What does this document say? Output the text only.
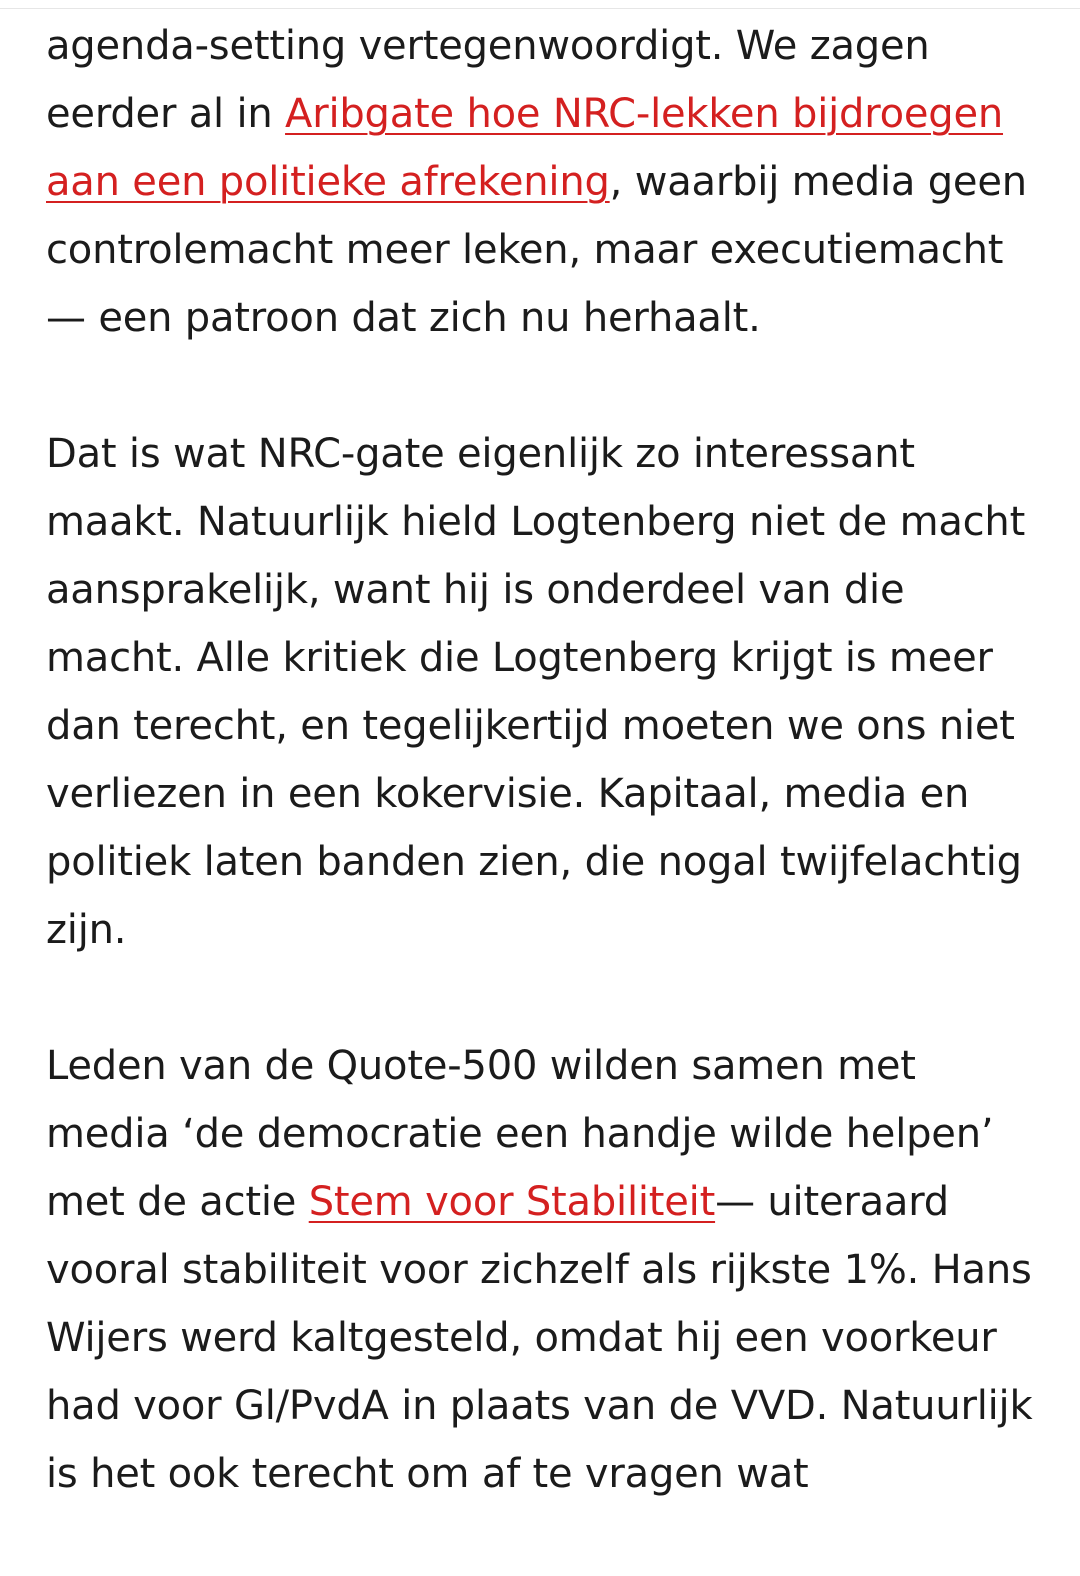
agenda-setting vertegenwoordigt. We zagen eerder al in Aribgate hoe NRC-lekken bijdroegen aan een politieke afrekening, waarbij media geen controlemacht meer leken, maar executiemacht — een patroon dat zich nu herhaalt.

Dat is wat NRC-gate eigenlijk zo interessant maakt. Natuurlijk hield Logtenberg niet de macht aansprakelijk, want hij is onderdeel van die macht. Alle kritiek die Logtenberg krijgt is meer dan terecht, en tegelijkertijd moeten we ons niet verliezen in een kokervisie. Kapitaal, media en politiek laten banden zien, die nogal twijfelachtig zijn.

Leden van de Quote-500 wilden samen met media ‘de democratie een handje wilde helpen’ met de actie Stem voor Stabiliteit— uiteraard vooral stabiliteit voor zichzelf als rijkste 1%. Hans Wijers werd kaltgesteld, omdat hij een voorkeur had voor Gl/PvdA in plaats van de VVD. Natuurlijk is het ook terecht om af te vragen wat
